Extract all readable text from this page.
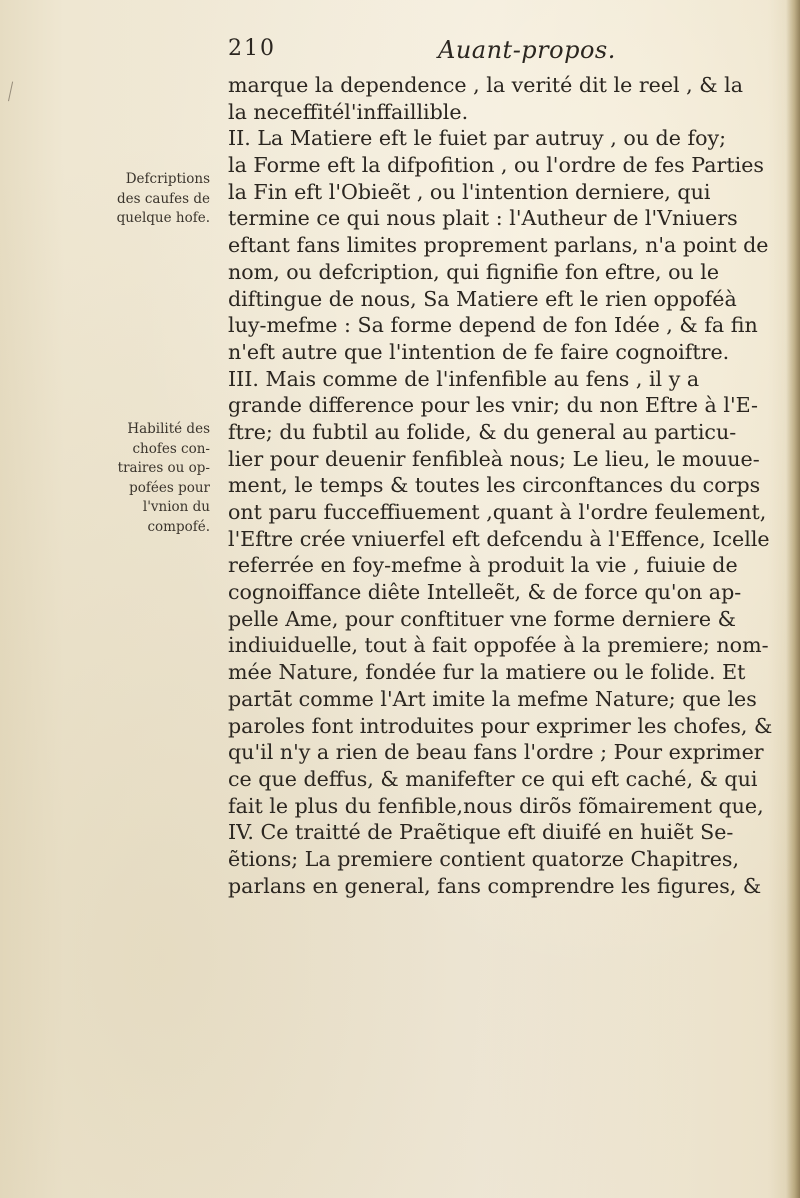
210	Auant-propos.
Defcriptions
des caufes de
quelque hofe.
Habilité des
chofes con-
traires ou op-
pofées pour
l'vnion du
compofé.
marque la dependence , la verité dit le reel , & la
la neceffitél'inffaillible.
II. La Matiere eft le fuiet par autruy , ou de foy;
la Forme eft la difpofition , ou l'ordre de fes Parties
la Fin eft l'Obieẽt , ou l'intention derniere, qui
termine ce qui nous plait : l'Autheur de l'Vniuers
eftant fans limites proprement parlans, n'a point de
nom, ou defcription, qui fignifie fon eftre, ou le
diftingue de nous, Sa Matiere eft le rien oppoféà
luy-mefme : Sa forme depend de fon Idée , & fa fin
n'eft autre que l'intention de fe faire cognoiftre.
III. Mais comme de l'infenfible au fens , il y a
grande difference pour les vnir; du non Eftre à l'E-
ftre; du fubtil au folide, & du general au particu-
lier pour deuenir fenfibleà nous; Le lieu, le mouue-
ment, le temps & toutes les circonftances du corps
ont paru fucceffiuement ,quant à l'ordre feulement,
l'Eftre crée vniuerfel eft defcendu à l'Effence, Icelle
referrée en foy-mefme à produit la vie , fuiuie de
cognoiffance diête Intelleẽt, & de force qu'on ap-
pelle Ame, pour conftituer vne forme derniere &
indiuiduelle, tout à fait oppofée à la premiere; nom-
mée Nature, fondée fur la matiere ou le folide. Et
partāt comme l'Art imite la mefme Nature; que les
paroles font introduites pour exprimer les chofes, &
qu'il n'y a rien de beau fans l'ordre ; Pour exprimer
ce que deffus, & manifefter ce qui eft caché, & qui
fait le plus du fenfible,nous dirõs fõmairement que,
IV. Ce traitté de Praẽtique eft diuifé en huiẽt Se-
ẽtions; La premiere contient quatorze Chapitres,
parlans en general, fans comprendre les figures, &
